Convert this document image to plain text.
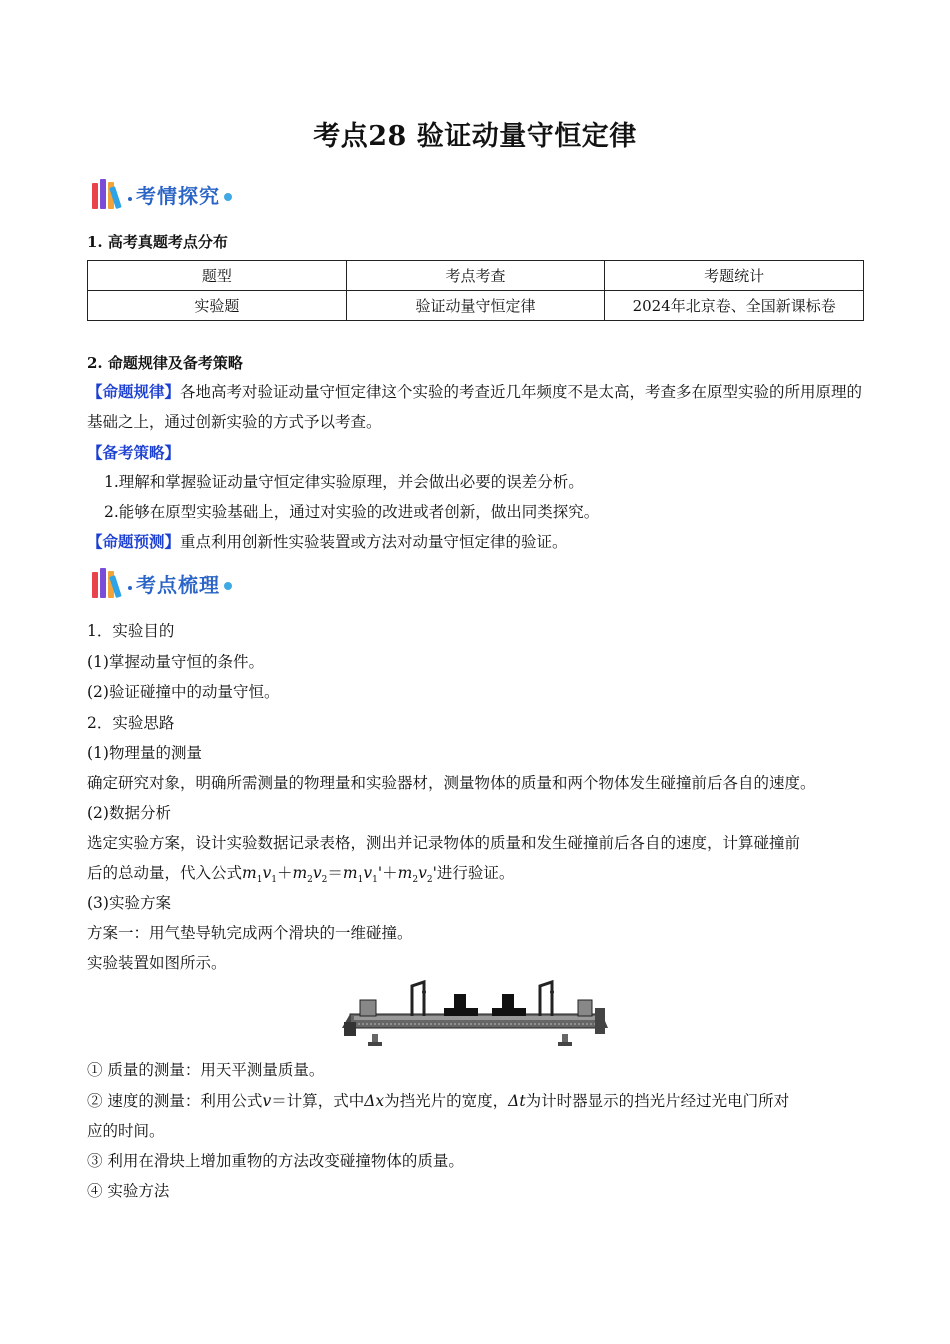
考点28 验证动量守恒定律
考情探究
1. 高考真题考点分布
题型	考点考查	考题统计
实验题	验证动量守恒定律	2024年北京卷、全国新课标卷
2. 命题规律及备考策略
【命题规律】各地高考对验证动量守恒定律这个实验的考查近几年频度不是太高，考查多在原型实验的所用原理的基础之上，通过创新实验的方式予以考查。
【备考策略】
1.理解和掌握验证动量守恒定律实验原理，并会做出必要的误差分析。
2.能够在原型实验基础上，通过对实验的改进或者创新，做出同类探究。
【命题预测】重点利用创新性实验装置或方法对动量守恒定律的验证。
考点梳理
1．实验目的
(1)掌握动量守恒的条件。
(2)验证碰撞中的动量守恒。
2．实验思路
(1)物理量的测量
确定研究对象，明确所需测量的物理量和实验器材，测量物体的质量和两个物体发生碰撞前后各自的速度。
(2)数据分析
选定实验方案，设计实验数据记录表格，测出并记录物体的质量和发生碰撞前后各自的速度，计算碰撞前
后的总动量，代入公式$m_1v_1+m_2v_2=m_1v_1'+m_2v_2'$进行验证。
(3)实验方案
方案一：用气垫导轨完成两个滑块的一维碰撞。
实验装置如图所示。
① 质量的测量：用天平测量质量。
② 速度的测量：利用公式v＝计算，式中Δx为挡光片的宽度，Δt为计时器显示的挡光片经过光电门所对
应的时间。
③ 利用在滑块上增加重物的方法改变碰撞物体的质量。
④ 实验方法
